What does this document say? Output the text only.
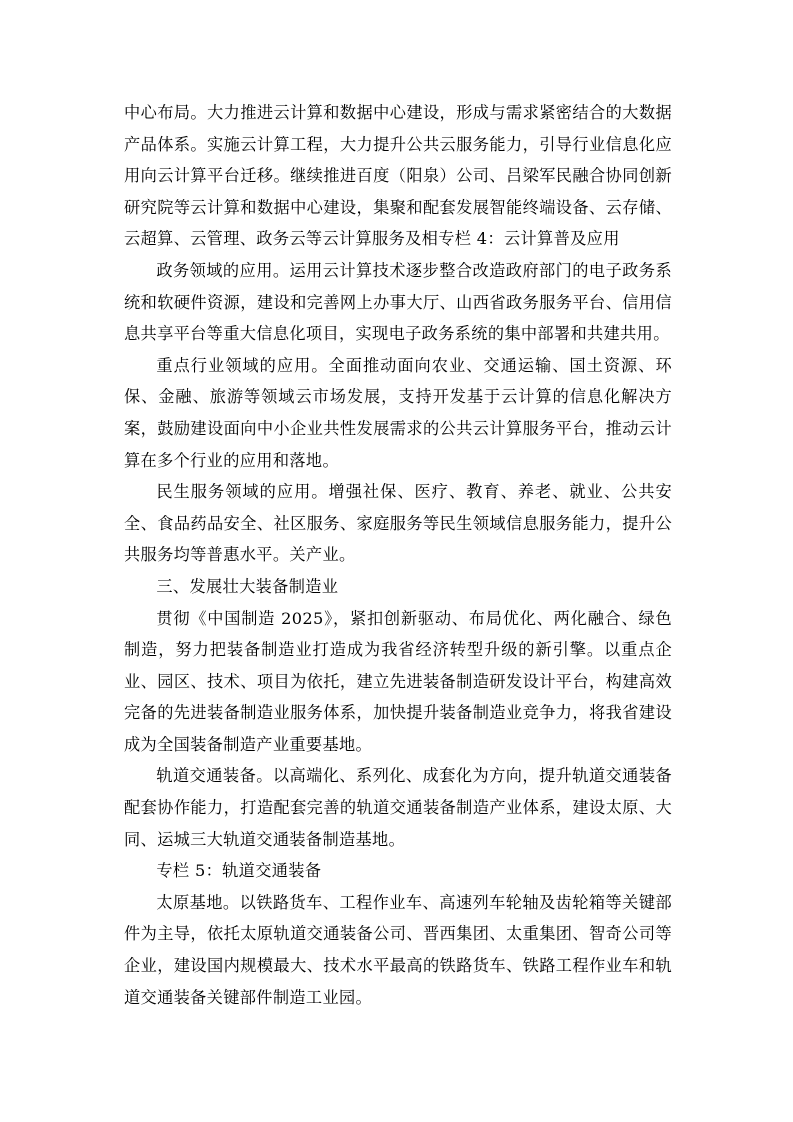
中心布局。大力推进云计算和数据中心建设，形成与需求紧密结合的大数据产品体系。实施云计算工程，大力提升公共云服务能力，引导行业信息化应用向云计算平台迁移。继续推进百度（阳泉）公司、吕梁军民融合协同创新研究院等云计算和数据中心建设，集聚和配套发展智能终端设备、云存储、云超算、云管理、政务云等云计算服务及相专栏 4：云计算普及应用

政务领域的应用。运用云计算技术逐步整合改造政府部门的电子政务系统和软硬件资源，建设和完善网上办事大厅、山西省政务服务平台、信用信息共享平台等重大信息化项目，实现电子政务系统的集中部署和共建共用。

重点行业领域的应用。全面推动面向农业、交通运输、国土资源、环保、金融、旅游等领域云市场发展，支持开发基于云计算的信息化解决方案，鼓励建设面向中小企业共性发展需求的公共云计算服务平台，推动云计算在多个行业的应用和落地。

民生服务领域的应用。增强社保、医疗、教育、养老、就业、公共安全、食品药品安全、社区服务、家庭服务等民生领域信息服务能力，提升公共服务均等普惠水平。关产业。

三、发展壮大装备制造业

贯彻《中国制造 2025》，紧扣创新驱动、布局优化、两化融合、绿色制造，努力把装备制造业打造成为我省经济转型升级的新引擎。以重点企业、园区、技术、项目为依托，建立先进装备制造研发设计平台，构建高效完备的先进装备制造业服务体系，加快提升装备制造业竞争力，将我省建设成为全国装备制造产业重要基地。

轨道交通装备。以高端化、系列化、成套化为方向，提升轨道交通装备配套协作能力，打造配套完善的轨道交通装备制造产业体系，建设太原、大同、运城三大轨道交通装备制造基地。

专栏 5：轨道交通装备

太原基地。以铁路货车、工程作业车、高速列车轮轴及齿轮箱等关键部件为主导，依托太原轨道交通装备公司、晋西集团、太重集团、智奇公司等企业，建设国内规模最大、技术水平最高的铁路货车、铁路工程作业车和轨道交通装备关键部件制造工业园。
